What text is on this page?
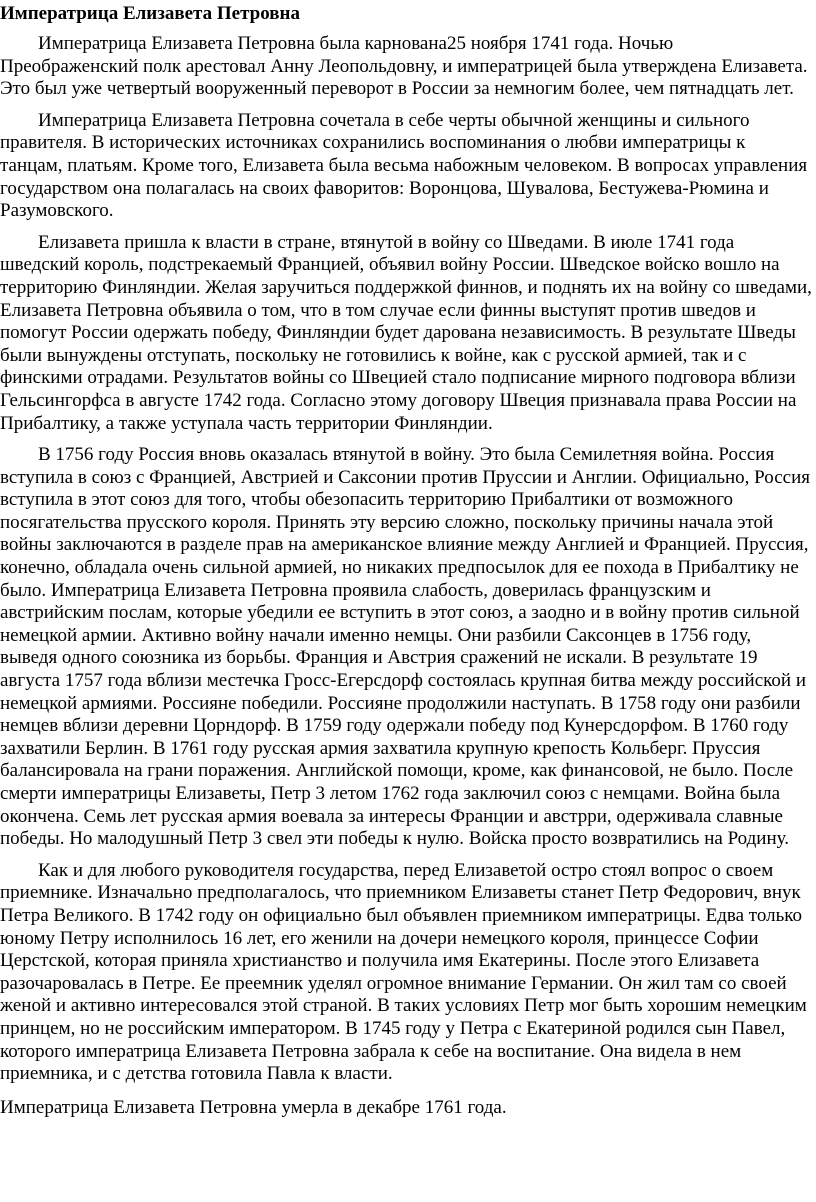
Императрица Елизавета Петровна

Императрица Елизавета Петровна была карнована25 ноября 1741 года. Ночью Преображенский полк арестовал Анну Леопольдовну, и императрицей была утверждена Елизавета. Это был уже четвертый вооруженный переворот в России за немногим более, чем пятнадцать лет.

Императрица Елизавета Петровна сочетала в себе черты обычной женщины и сильного правителя. В исторических источниках сохранились воспоминания о любви императрицы к танцам, платьям. Кроме того, Елизавета была весьма набожным человеком. В вопросах управления государством она полагалась на своих фаворитов: Воронцова, Шувалова, Бестужева-Рюмина и Разумовского.

Елизавета пришла к власти в стране, втянутой в войну со Шведами. В июле 1741 года шведский король, подстрекаемый Францией, объявил войну России. Шведское войско вошло на территорию Финляндии. Желая заручиться поддержкой финнов, и поднять их на войну со шведами, Елизавета Петровна объявила о том, что в том случае если финны выступят против шведов и помогут России одержать победу, Финляндии будет дарована независимость. В результате Шведы были вынуждены отступать, поскольку не готовились к войне, как с русской армией, так и с финскими отрадами. Результатов войны со Швецией стало подписание мирного подговора вблизи Гельсингорфса в августе 1742 года. Согласно этому договору Швеция признавала права России на Прибалтику, а также уступала часть территории Финляндии.

В 1756 году Россия вновь оказалась втянутой в войну. Это была Семилетняя война. Россия вступила в союз с Францией, Австрией и Саксонии против Пруссии и Англии. Официально, Россия вступила в этот союз для того, чтобы обезопасить территорию Прибалтики от возможного посягательства прусского короля. Принять эту версию сложно, поскольку причины начала этой войны заключаются в разделе прав на американское влияние между Англией и Францией. Пруссия, конечно, обладала очень сильной армией, но никаких предпосылок для ее похода в Прибалтику не было. Императрица Елизавета Петровна проявила слабость, доверилась французским и австрийским послам, которые убедили ее вступить в этот союз, а заодно и в войну против сильной немецкой армии. Активно войну начали именно немцы. Они разбили Саксонцев в 1756 году, выведя одного союзника из борьбы. Франция и Австрия сражений не искали. В результате 19 августа 1757 года вблизи местечка Гросс-Егерсдорф состоялась крупная битва между российской и немецкой армиями. Россияне победили. Россияне продолжили наступать. В 1758 году они разбили немцев вблизи деревни Цорндорф. В 1759 году одержали победу под Кунерсдорфом. В 1760 году захватили Берлин. В 1761 году русская армия захватила крупную крепость Кольберг. Пруссия балансировала на грани поражения. Английской помощи, кроме, как финансовой, не было. После смерти императрицы Елизаветы, Петр 3 летом 1762 года заключил союз с немцами. Война была окончена. Семь лет русская армия воевала за интересы Франции и австрри, одерживала славные победы. Но малодушный Петр 3 свел эти победы к нулю. Войска просто возвратились на Родину.

Как и для любого руководителя государства, перед Елизаветой остро стоял вопрос о своем приемнике. Изначально предполагалось, что приемником Елизаветы станет Петр Федорович, внук Петра Великого. В 1742 году он официально был объявлен приемником императрицы. Едва только юному Петру исполнилось 16 лет, его женили на дочери немецкого короля, принцессе Софии Церстской, которая приняла христианство и получила имя Екатерины. После этого Елизавета разочаровалась в Петре. Ее преемник уделял огромное внимание Германии. Он жил там со своей женой и активно интересовался этой страной. В таких условиях Петр мог быть хорошим немецким принцем, но не российским императором. В 1745 году у Петра с Екатериной родился сын Павел, которого императрица Елизавета Петровна забрала к себе на воспитание. Она видела в нем приемника, и с детства готовила Павла к власти.

Императрица Елизавета Петровна умерла в декабре 1761 года.
